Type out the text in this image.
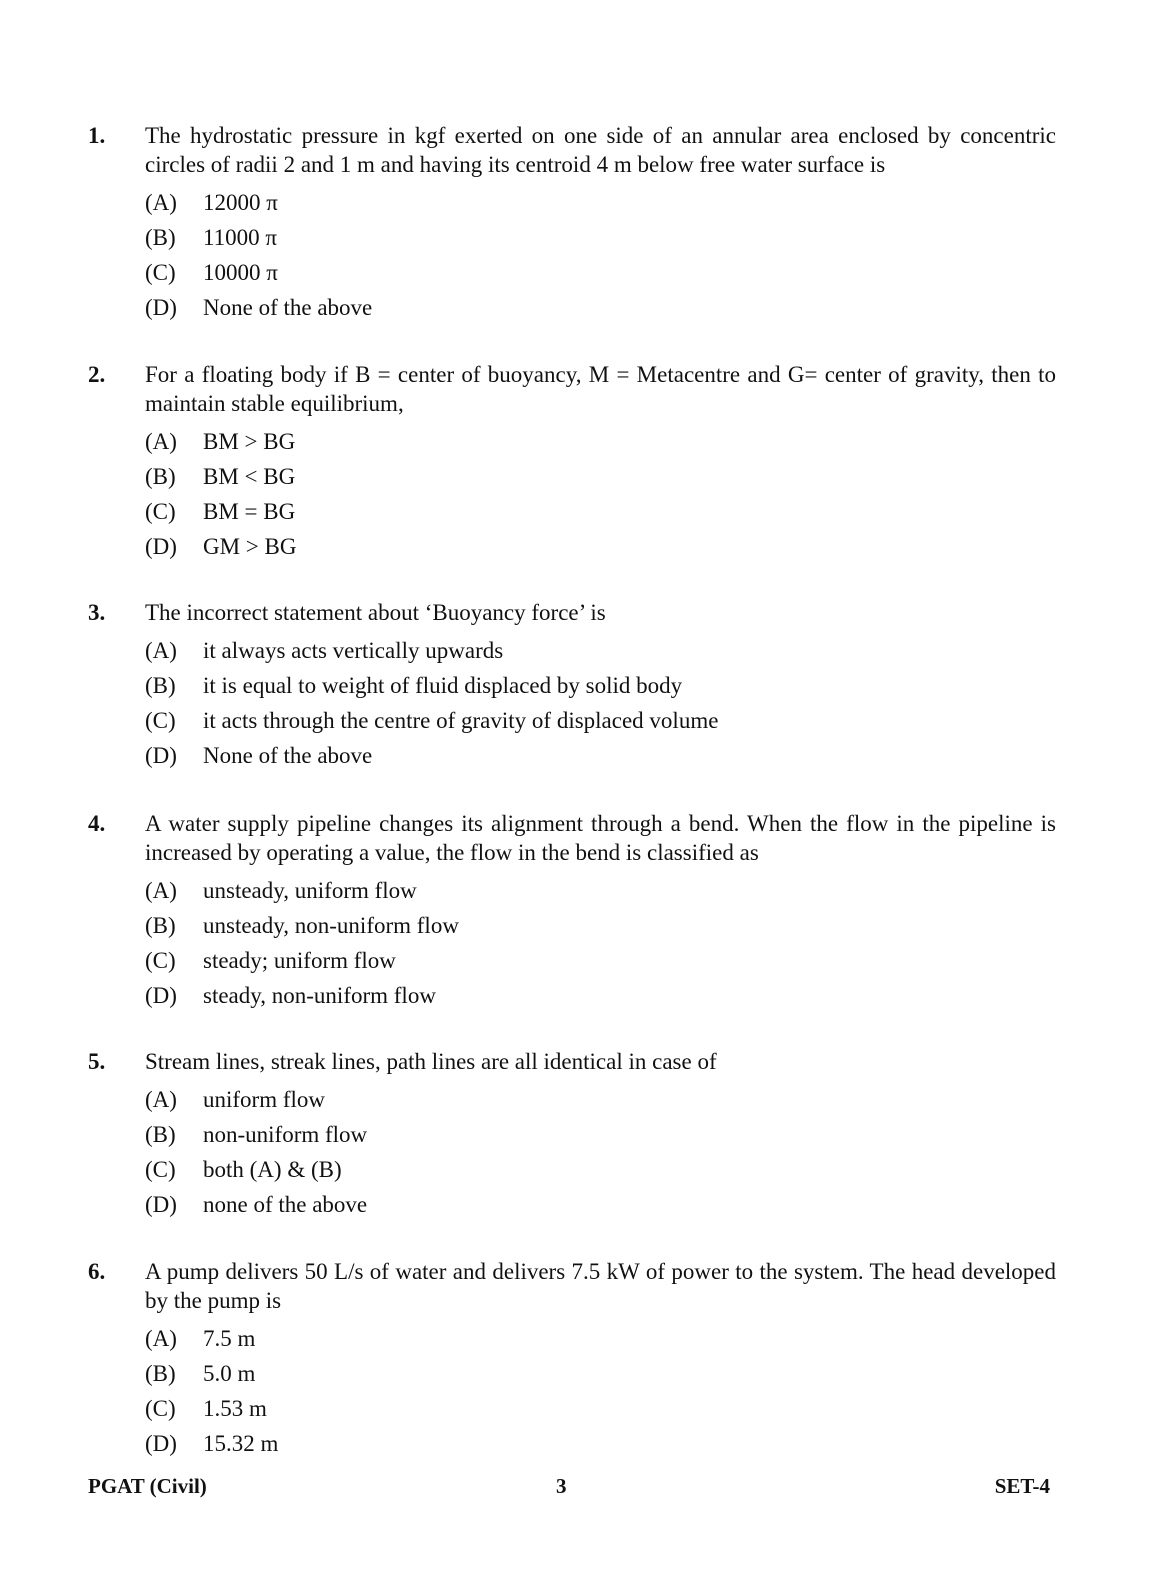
1. The hydrostatic pressure in kgf exerted on one side of an annular area enclosed by concentric circles of radii 2 and 1 m and having its centroid 4 m below free water surface is
(A)	12000 π
(B)	11000 π
(C)	10000 π
(D)	None of the above
2. For a floating body if B = center of buoyancy, M = Metacentre and G= center of gravity, then to maintain stable equilibrium,
(A)	BM > BG
(B)	BM < BG
(C)	BM = BG
(D)	GM > BG
3. The incorrect statement about ‘Buoyancy force’ is
(A)	it always acts vertically upwards
(B)	it is equal to weight of fluid displaced by solid body
(C)	it acts through the centre of gravity of displaced volume
(D)	None of the above
4. A water supply pipeline changes its alignment through a bend. When the flow in the pipeline is increased by operating a value, the flow in the bend is classified as
(A)	unsteady, uniform flow
(B)	unsteady, non-uniform flow
(C)	steady; uniform flow
(D)	steady, non-uniform flow
5. Stream lines, streak lines, path lines are all identical in case of
(A)	uniform flow
(B)	non-uniform flow
(C)	both (A) & (B)
(D)	none of the above
6. A pump delivers 50 L/s of water and delivers 7.5 kW of power to the system. The head developed by the pump is
(A)	7.5 m
(B)	5.0 m
(C)	1.53 m
(D)	15.32 m
PGAT (Civil)	3	SET-4
